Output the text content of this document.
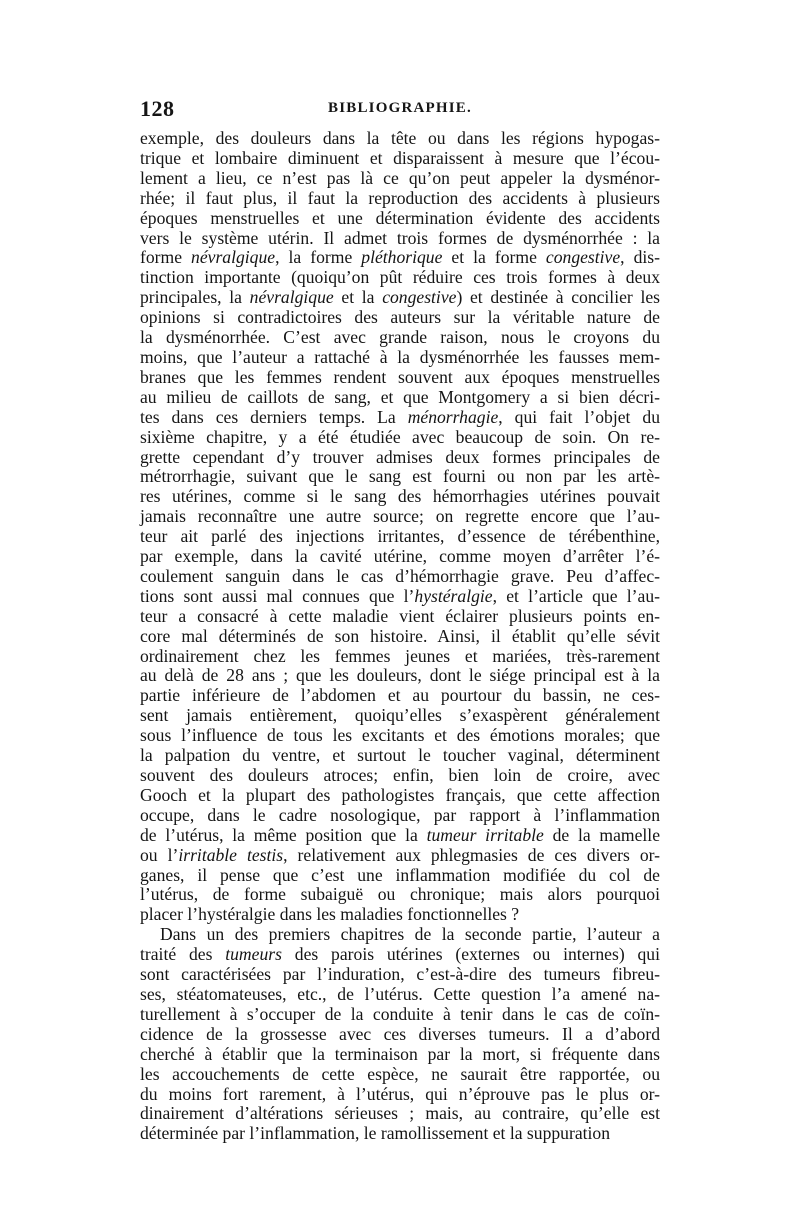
128	BIBLIOGRAPHIE.
exemple, des douleurs dans la tête ou dans les régions hypogas-
trique et lombaire diminuent et disparaissent à mesure que l’écou-
lement a lieu, ce n’est pas là ce qu’on peut appeler la dysménor-
rhée; il faut plus, il faut la reproduction des accidents à plusieurs
époques menstruelles et une détermination évidente des accidents
vers le système utérin. Il admet trois formes de dysménorrhée : la
forme névralgique, la forme pléthorique et la forme congestive, dis-
tinction importante (quoiqu’on pût réduire ces trois formes à deux
principales, la névralgique et la congestive) et destinée à concilier les
opinions si contradictoires des auteurs sur la véritable nature de
la dysménorrhée. C’est avec grande raison, nous le croyons du
moins, que l’auteur a rattaché à la dysménorrhée les fausses mem-
branes que les femmes rendent souvent aux époques menstruelles
au milieu de caillots de sang, et que Montgomery a si bien décri-
tes dans ces derniers temps. La ménorrhagie, qui fait l’objet du
sixième chapitre, y a été étudiée avec beaucoup de soin. On re-
grette cependant d’y trouver admises deux formes principales de
métrorrhagie, suivant que le sang est fourni ou non par les artè-
res utérines, comme si le sang des hémorrhagies utérines pouvait
jamais reconnaître une autre source; on regrette encore que l’au-
teur ait parlé des injections irritantes, d’essence de térébenthine,
par exemple, dans la cavité utérine, comme moyen d’arrêter l’é-
coulement sanguin dans le cas d’hémorrhagie grave. Peu d’affec-
tions sont aussi mal connues que l’hystéralgie, et l’article que l’au-
teur a consacré à cette maladie vient éclairer plusieurs points en-
core mal déterminés de son histoire. Ainsi, il établit qu’elle sévit
ordinairement chez les femmes jeunes et mariées, très-rarement
au delà de 28 ans ; que les douleurs, dont le siége principal est à la
partie inférieure de l’abdomen et au pourtour du bassin, ne ces-
sent jamais entièrement, quoiqu’elles s’exaspèrent généralement
sous l’influence de tous les excitants et des émotions morales; que
la palpation du ventre, et surtout le toucher vaginal, déterminent
souvent des douleurs atroces; enfin, bien loin de croire, avec
Gooch et la plupart des pathologistes français, que cette affection
occupe, dans le cadre nosologique, par rapport à l’inflammation
de l’utérus, la même position que la tumeur irritable de la mamelle
ou l’irritable testis, relativement aux phlegmasies de ces divers or-
ganes, il pense que c’est une inflammation modifiée du col de
l’utérus, de forme subaiguë ou chronique; mais alors pourquoi
placer l’hystéralgie dans les maladies fonctionnelles ?
Dans un des premiers chapitres de la seconde partie, l’auteur a
traité des tumeurs des parois utérines (externes ou internes) qui
sont caractérisées par l’induration, c’est-à-dire des tumeurs fibreu-
ses, stéatomateuses, etc., de l’utérus. Cette question l’a amené na-
turellement à s’occuper de la conduite à tenir dans le cas de coïn-
cidence de la grossesse avec ces diverses tumeurs. Il a d’abord
cherché à établir que la terminaison par la mort, si fréquente dans
les accouchements de cette espèce, ne saurait être rapportée, ou
du moins fort rarement, à l’utérus, qui n’éprouve pas le plus or-
dinairement d’altérations sérieuses ; mais, au contraire, qu’elle est
déterminée par l’inflammation, le ramollissement et la suppuration
